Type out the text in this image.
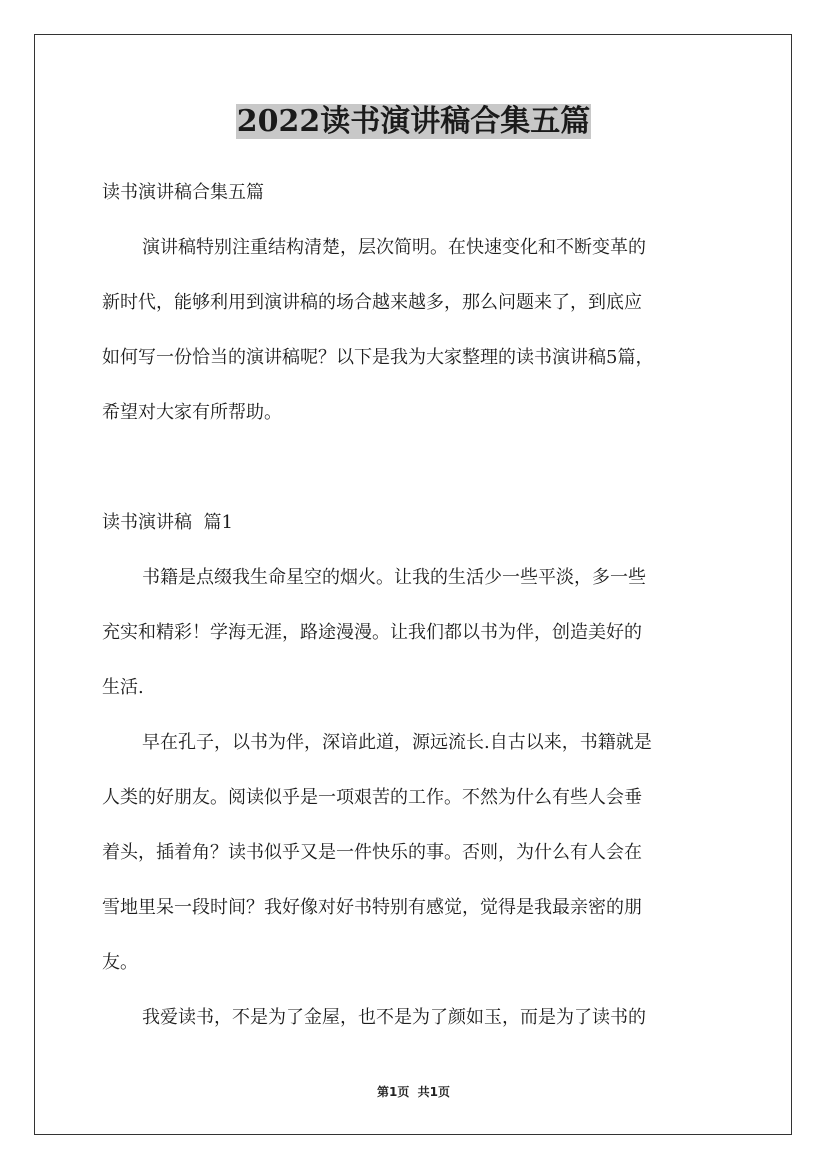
2022读书演讲稿合集五篇
读书演讲稿合集五篇
演讲稿特别注重结构清楚，层次简明。在快速变化和不断变革的
新时代，能够利用到演讲稿的场合越来越多，那么问题来了，到底应
如何写一份恰当的演讲稿呢？以下是我为大家整理的读书演讲稿5篇，
希望对大家有所帮助。
读书演讲稿  篇1
书籍是点缀我生命星空的烟火。让我的生活少一些平淡，多一些
充实和精彩！学海无涯，路途漫漫。让我们都以书为伴，创造美好的
生活.
早在孔子，以书为伴，深谙此道，源远流长.自古以来，书籍就是
人类的好朋友。阅读似乎是一项艰苦的工作。不然为什么有些人会垂
着头，插着角？读书似乎又是一件快乐的事。否则，为什么有人会在
雪地里呆一段时间？我好像对好书特别有感觉，觉得是我最亲密的朋
友。
我爱读书，不是为了金屋，也不是为了颜如玉，而是为了读书的
第1页  共1页
